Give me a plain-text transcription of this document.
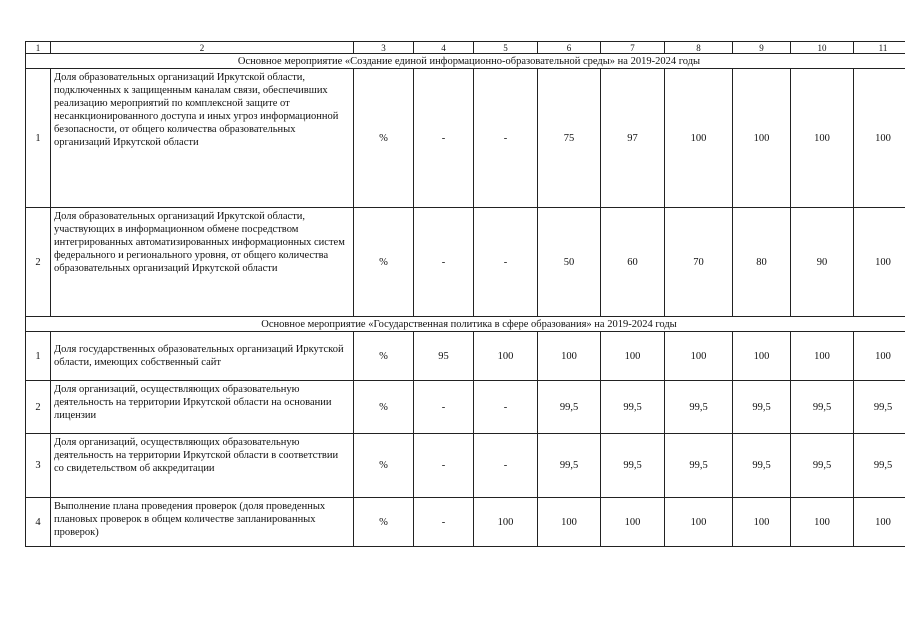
1	2	3	4	5	6	7	8	9	10	11
Основное мероприятие «Создание единой информационно-образовательной среды» на 2019-2024 годы										
1	Доля образовательных организаций Иркутской области, подключенных к защищенным каналам связи, обеспечивших реализацию мероприятий по комплексной защите от несанкционированного доступа и иных угроз информационной безопасности, от общего количества образовательных организаций Иркутской области	%	-	-	75	97	100	100	100	100
2	Доля образовательных организаций Иркутской области, участвующих в информационном обмене посредством интегрированных автоматизированных информационных систем федерального и регионального уровня, от общего количества образовательных организаций Иркутской области	%	-	-	50	60	70	80	90	100
Основное мероприятие «Государственная политика в сфере образования» на 2019-2024 годы										
1	Доля государственных образовательных организаций Иркутской области, имеющих собственный сайт	%	95	100	100	100	100	100	100	100
2	Доля организаций, осуществляющих образовательную деятельность на территории Иркутской области на основании лицензии	%	-	-	99,5	99,5	99,5	99,5	99,5	99,5
3	Доля организаций, осуществляющих образовательную деятельность на территории Иркутской области в соответствии со свидетельством об аккредитации	%	-	-	99,5	99,5	99,5	99,5	99,5	99,5
4	Выполнение плана проведения проверок (доля проведенных плановых проверок в общем количестве запланированных проверок)	%	-	100	100	100	100	100	100	100
